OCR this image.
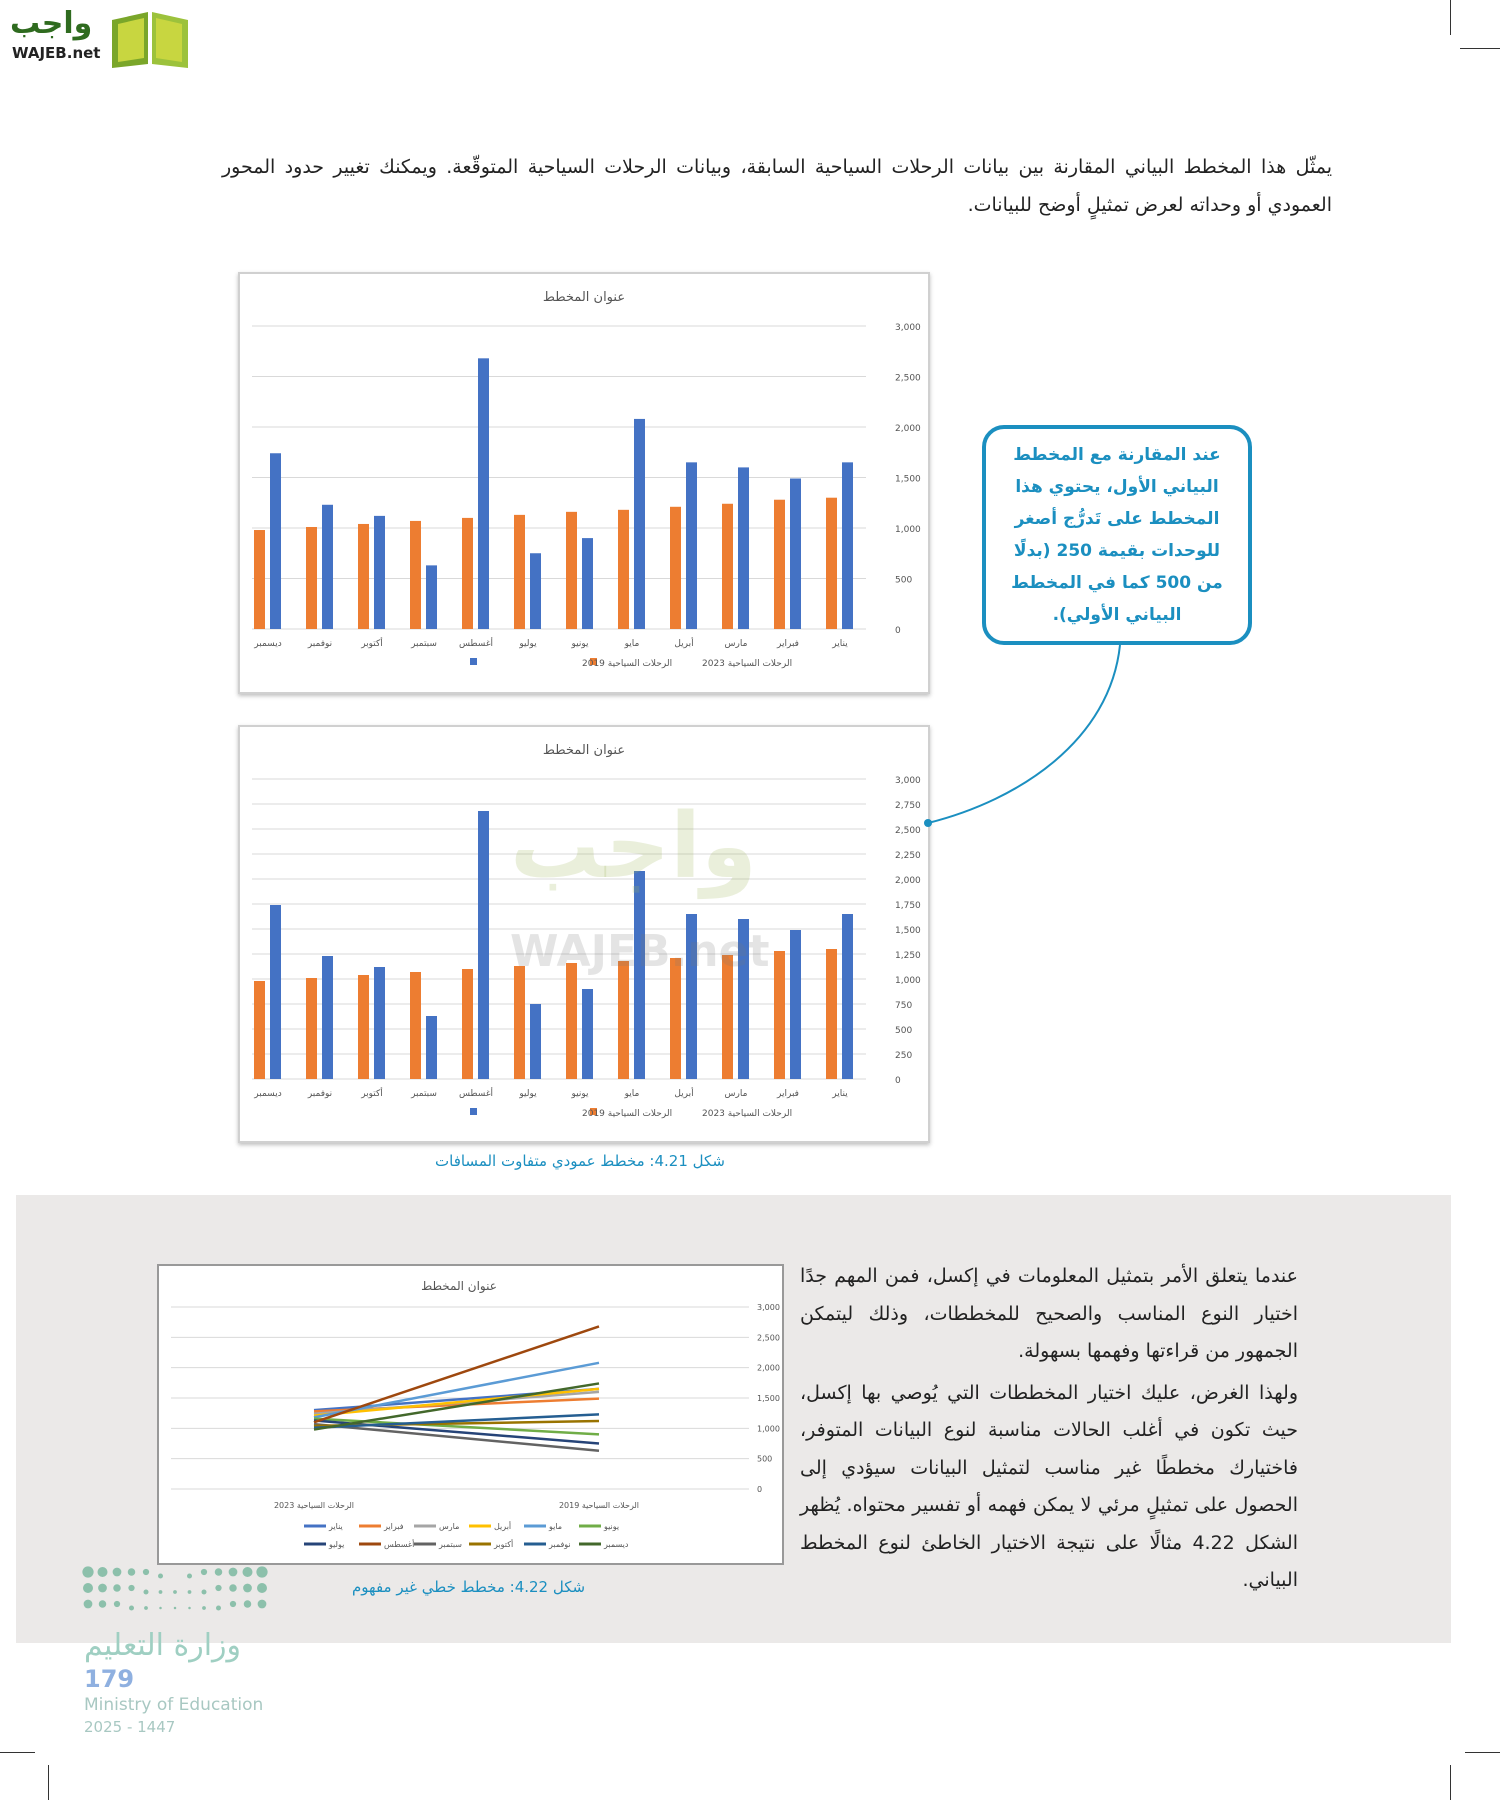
واجب
WAJEB.net

يمثّل هذا المخطط البياني المقارنة بين بيانات الرحلات السياحية السابقة، وبيانات الرحلات السياحية المتوقّعة. ويمكنك تغيير حدود المحور العمودي أو وحداته لعرض تمثيلٍ أوضح للبيانات.

عنوان المخطط
0
500
1,000
1,500
2,000
2,500
3,000
يناير
فبراير
مارس
أبريل
مايو
يونيو
يوليو
أغسطس
سبتمبر
أكتوبر
نوفمبر
ديسمبر
الرحلات السياحية 2023
الرحلات السياحية 2019
عنوان المخطط
0
250
500
750
1,000
1,250
1,500
1,750
2,000
2,250
2,500
2,750
3,000
يناير
فبراير
مارس
أبريل
مايو
يونيو
يوليو
أغسطس
سبتمبر
أكتوبر
نوفمبر
ديسمبر
الرحلات السياحية 2023
الرحلات السياحية 2019
واجب
WAJEB.net
شكل 4.21: مخطط عمودي متفاوت المسافات

عند المقارنة مع المخطط البياني الأول، يحتوي هذا المخطط على تَدرُّج أصغر للوحدات بقيمة 250 (بدلًا من 500 كما في المخطط البياني الأولي).

عنوان المخطط
0
500
1,000
1,500
2,000
2,500
3,000
الرحلات السياحية 2023	الرحلات السياحية 2019
يناير	فبراير	مارس	أبريل	مايو	يونيو
يوليو	أغسطس	سبتمبر	أكتوبر	نوفمبر	ديسمبر

عندما يتعلق الأمر بتمثيل المعلومات في إكسل، فمن المهم جدًا اختيار النوع المناسب والصحيح للمخططات، وذلك ليتمكن الجمهور من قراءتها وفهمها بسهولة.

ولهذا الغرض، عليك اختيار المخططات التي يُوصي بها إكسل، حيث تكون في أغلب الحالات مناسبة لنوع البيانات المتوفر، فاختيارك مخططًا غير مناسب لتمثيل البيانات سيؤدي إلى الحصول على تمثيلٍ مرئي لا يمكن فهمه أو تفسير محتواه. يُظهر الشكل 4.22 مثالًا على نتيجة الاختيار الخاطئ لنوع المخطط البياني.

شكل 4.22: مخطط خطي غير مفهوم
وزارة التعليم
179
Ministry of Education
2025 - 1447
